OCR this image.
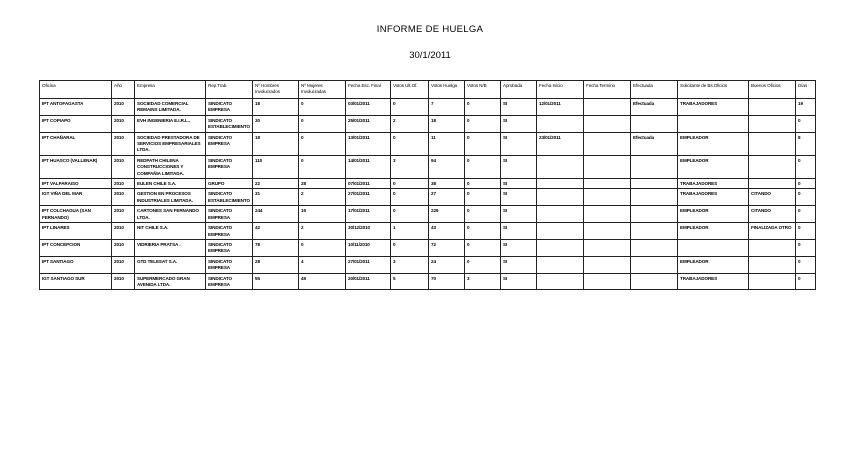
INFORME DE HUELGA
30/1/2011
Oficina	Año	Empresa	Rep.Trab.	Nº Hombres Involucrados	Nº Mujeres Involucradas	Fecha Esc. Final	Votos Ult.Of.	Votos Huelga	Votos N/B	Aprobada	Fecha Inicio	Fecha Termino	Efectuada	Solicitante de Bs.Oficios	Buenos Oficios	Días
IPT ANTOFAGASTA	2010	SOCIEDAD COMERCIAL REMAINS LIMITADA.	SINDICATO EMPRESA	18	0	03/01/2011	0	7	0	SI	12/01/2011		Efectuada	TRABAJADORES		19
IPT COPIAPO	2010	EVH INGENIERIA E.I.R.L..	SINDICATO ESTABLECIMIENTO	30	0	25/01/2011	2	18	0	SI						0
IPT CHAÑARAL	2010	SOCIEDAD PRESTADORA DE SERVICIOS EMPRESARIALES LTDA.	SINDICATO EMPRESA	18	0	13/01/2011	0	11	0	SI	23/01/2011		Efectuada	EMPLEADOR		8
IPT HUASCO (VALLENAR)	2010	REDPATH CHILENA CONSTRUCCIONES Y COMPAÑIA LIMITADA.	SINDICATO EMPRESA	110	0	14/01/2011	3	94	0	SI				EMPLEADOR		0
IPT VALPARAISO	2010	EULEN CHILE S.A.	GRUPO	22	28	07/01/2011	0	38	0	SI				TRABAJADORES		0
IGT VIÑA DEL MAR	2010	GESTION EN PROCESOS INDUSTRIALES LIMITADA.	SINDICATO ESTABLECIMIENTO	31	2	27/01/2011	0	27	0	SI				TRABAJADORES	CITANDO	0
IPT COLCHAGUA (SAN FERNANDO)	2010	CARTONES SAN FERNANDO LTDA.	SINDICATO EMPRESA	244	15	17/01/2011	0	229	0	SI				EMPLEADOR	CITANDO	0
IPT LINARES	2010	NIT CHILE S.A.	SINDICATO EMPRESA	42	2	30/12/2010	1	43	0	SI				EMPLEADOR	FINALIZADA OTRO	0
IPT CONCEPCION	2010	VIDRIERIA PRATSA .	SINDICATO EMPRESA	78	0	10/11/2010	0	72	0	SI						0
IPT SANTIAGO	2010	GTD TELESAT S.A.	SINDICATO EMPRESA	28	4	27/01/2011	3	24	0	SI				EMPLEADOR		0
IGT SANTIAGO SUR	2010	SUPERMERCADO GRAN AVENIDA LTDA.	SINDICATO EMPRESA	55	49	20/01/2011	5	70	3	SI				TRABAJADORES		0
